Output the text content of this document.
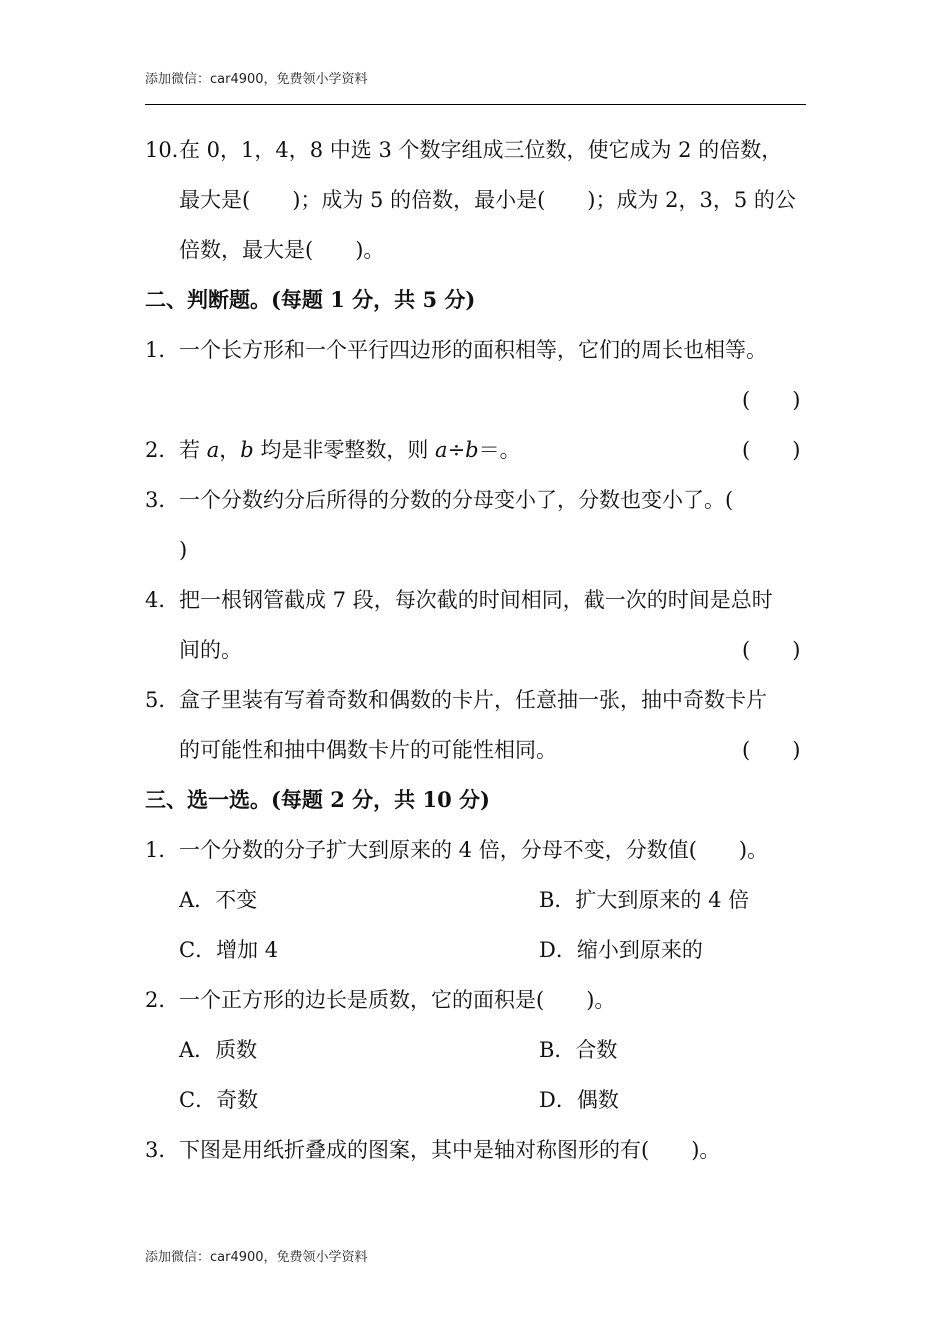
添加微信：car4900，免费领小学资料
10．
在 0，1，4，8 中选 3 个数字组成三位数，使它成为 2 的倍数，
最大是(　　)；成为 5 的倍数，最小是(　　)；成为 2，3，5 的公
倍数，最大是(　　)。
二、判断题。(每题 1 分，共 5 分)
1． 一个长方形和一个平行四边形的面积相等，它们的周长也相等。
(　　)
2． 若 a，b 均是非零整数，则 a÷b＝。	(　　)
3． 一个分数约分后所得的分数的分母变小了，分数也变小了。(
)
4． 把一根钢管截成 7 段，每次截的时间相同，截一次的时间是总时
间的。	(　　)
5． 盒子里装有写着奇数和偶数的卡片，任意抽一张，抽中奇数卡片
的可能性和抽中偶数卡片的可能性相同。	(　　)
三、选一选。(每题 2 分，共 10 分)
1． 一个分数的分子扩大到原来的 4 倍，分母不变，分数值(　　)。
A．不变	B．扩大到原来的 4 倍
C．增加 4	D．缩小到原来的
2． 一个正方形的边长是质数，它的面积是(　　)。
A．质数	B．合数
C．奇数	D．偶数
3． 下图是用纸折叠成的图案，其中是轴对称图形的有(　　)。
添加微信：car4900，免费领小学资料
